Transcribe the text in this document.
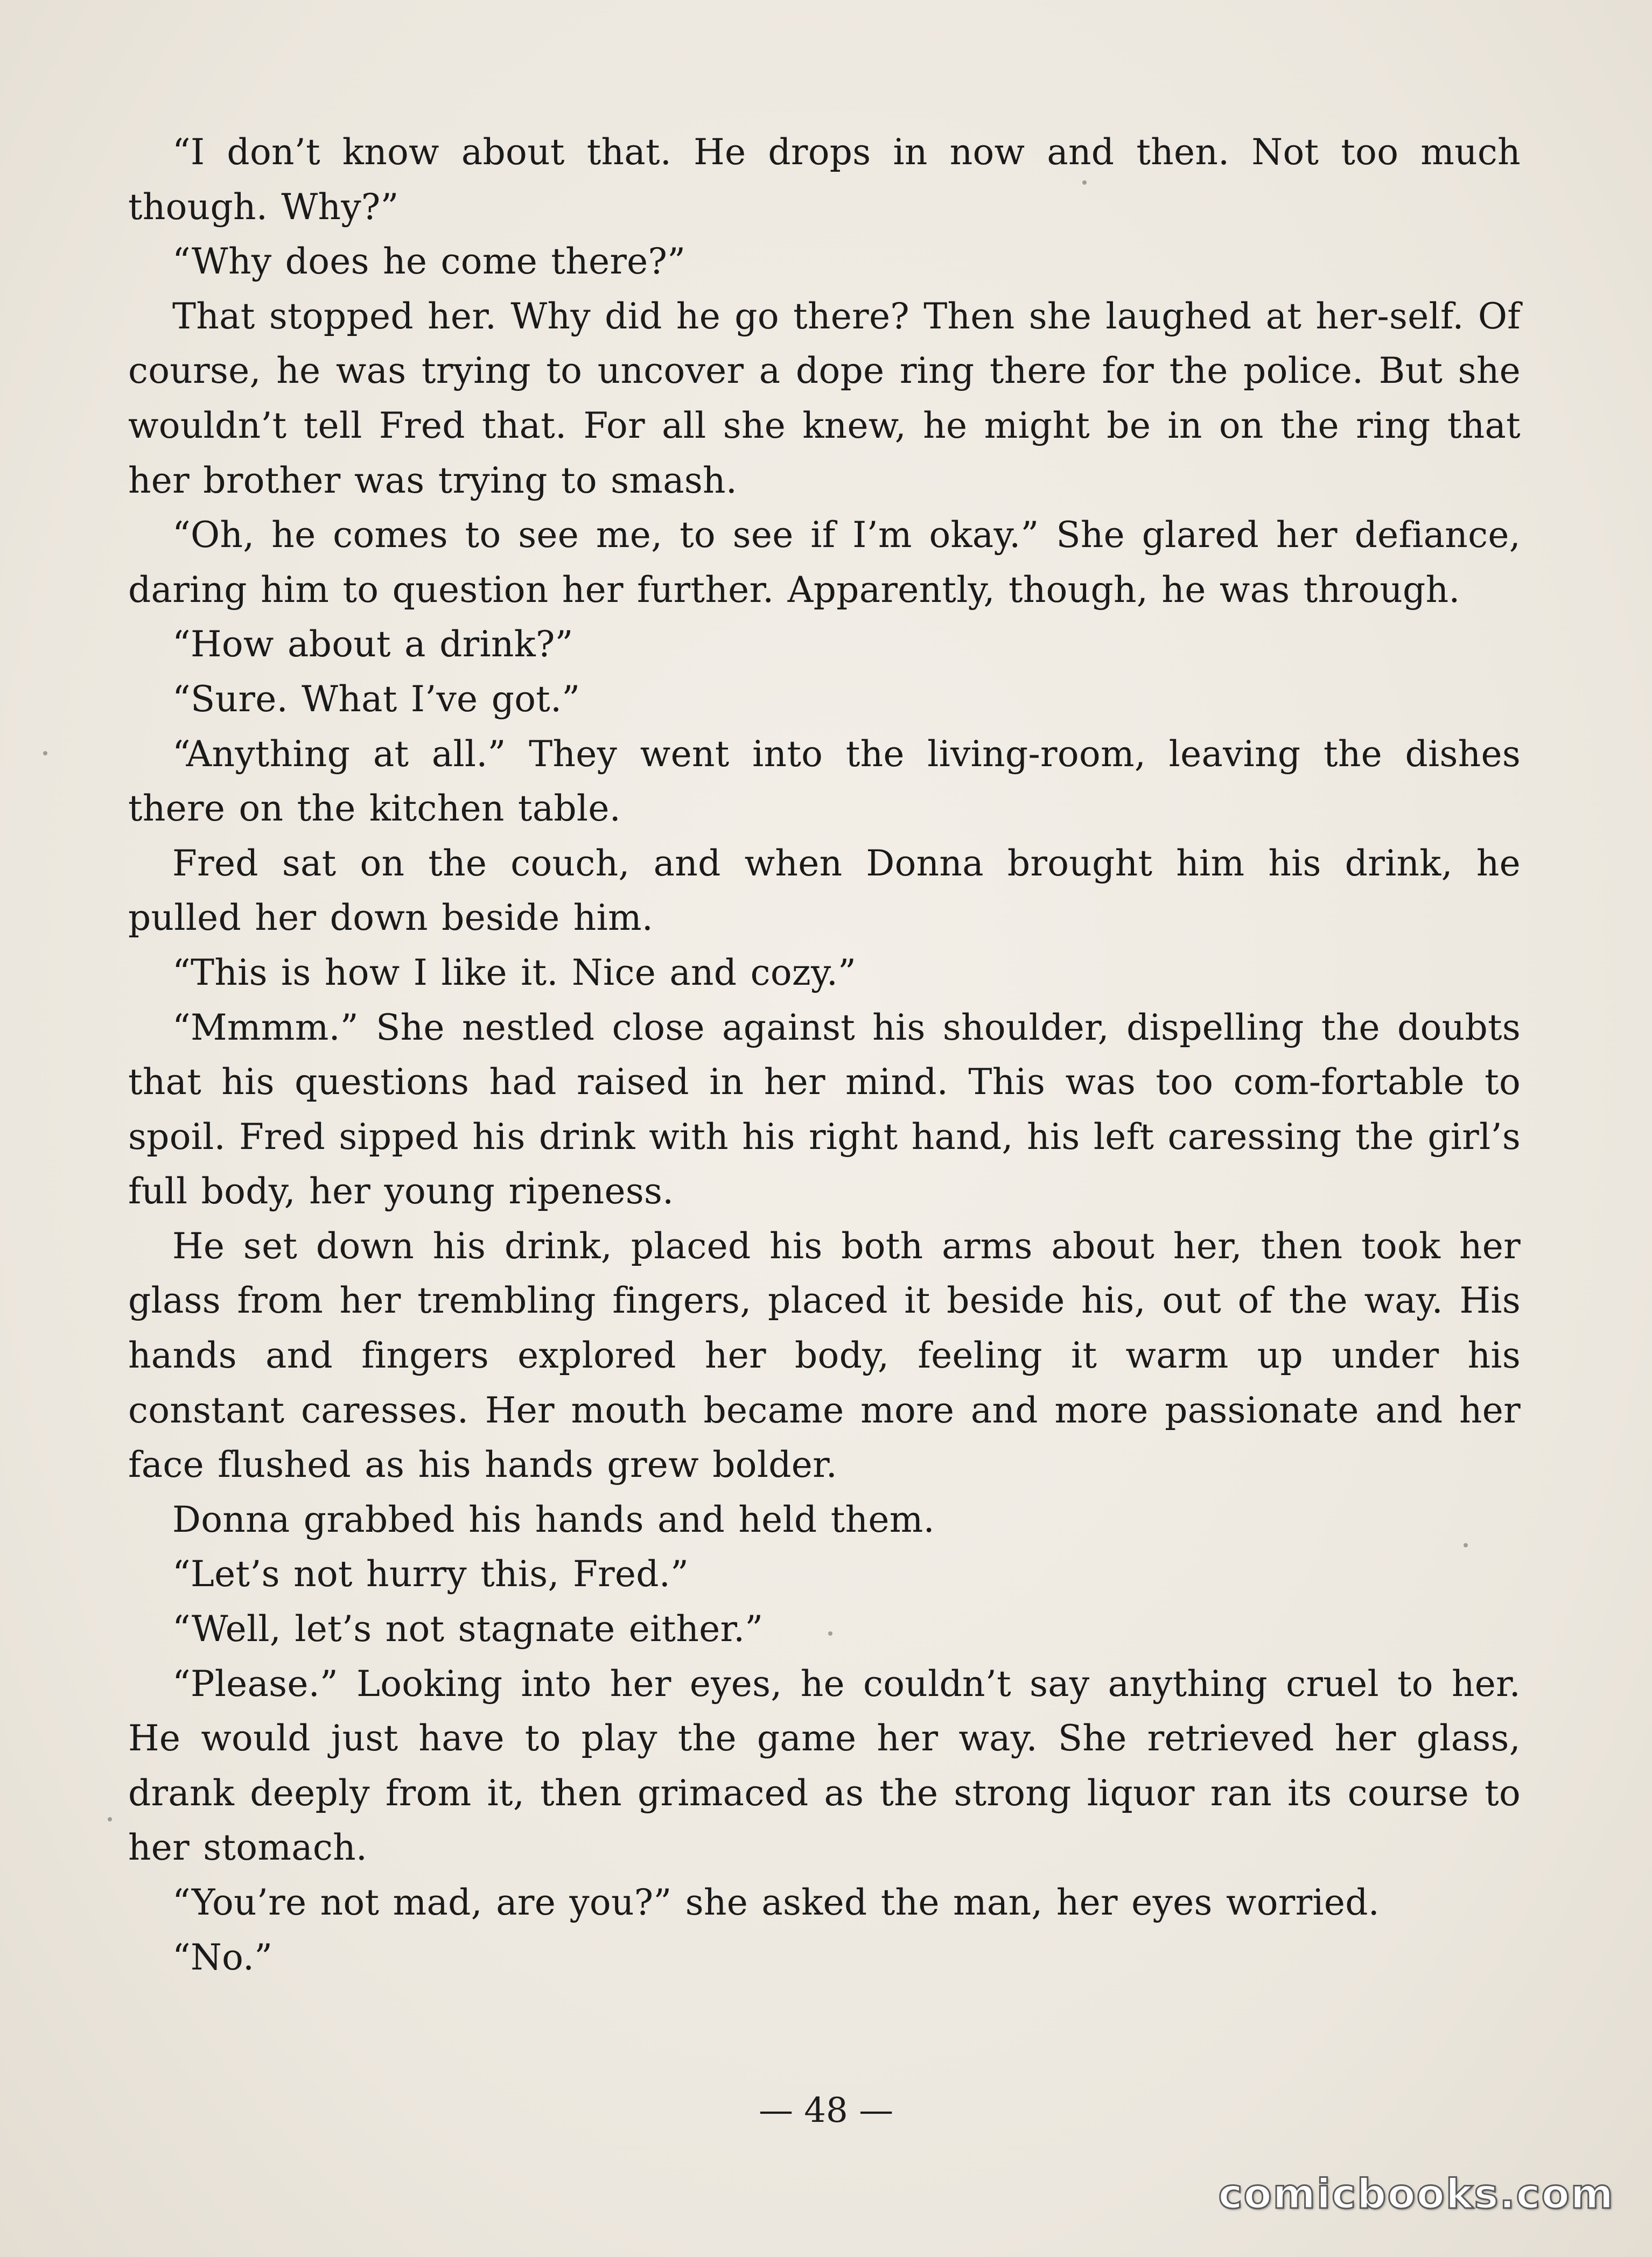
“I don’t know about that. He drops in now and then. Not too much though. Why?”

“Why does he come there?”

That stopped her. Why did he go there? Then she laughed at her-self. Of course, he was trying to uncover a dope ring there for the police. But she wouldn’t tell Fred that. For all she knew, he might be in on the ring that her brother was trying to smash.

“Oh, he comes to see me, to see if I’m okay.” She glared her defiance, daring him to question her further. Apparently, though, he was through.

“How about a drink?”

“Sure. What I’ve got.”

“Anything at all.” They went into the living-room, leaving the dishes there on the kitchen table.

Fred sat on the couch, and when Donna brought him his drink, he pulled her down beside him.

“This is how I like it. Nice and cozy.”

“Mmmm.” She nestled close against his shoulder, dispelling the doubts that his questions had raised in her mind. This was too com-fortable to spoil. Fred sipped his drink with his right hand, his left caressing the girl’s full body, her young ripeness.

He set down his drink, placed his both arms about her, then took her glass from her trembling fingers, placed it beside his, out of the way. His hands and fingers explored her body, feeling it warm up under his constant caresses. Her mouth became more and more passionate and her face flushed as his hands grew bolder.

Donna grabbed his hands and held them.

“Let’s not hurry this, Fred.”

“Well, let’s not stagnate either.”

“Please.” Looking into her eyes, he couldn’t say anything cruel to her. He would just have to play the game her way. She retrieved her glass, drank deeply from it, then grimaced as the strong liquor ran its course to her stomach.

“You’re not mad, are you?” she asked the man, her eyes worried.

“No.”

— 48 —
comicbooks.com
